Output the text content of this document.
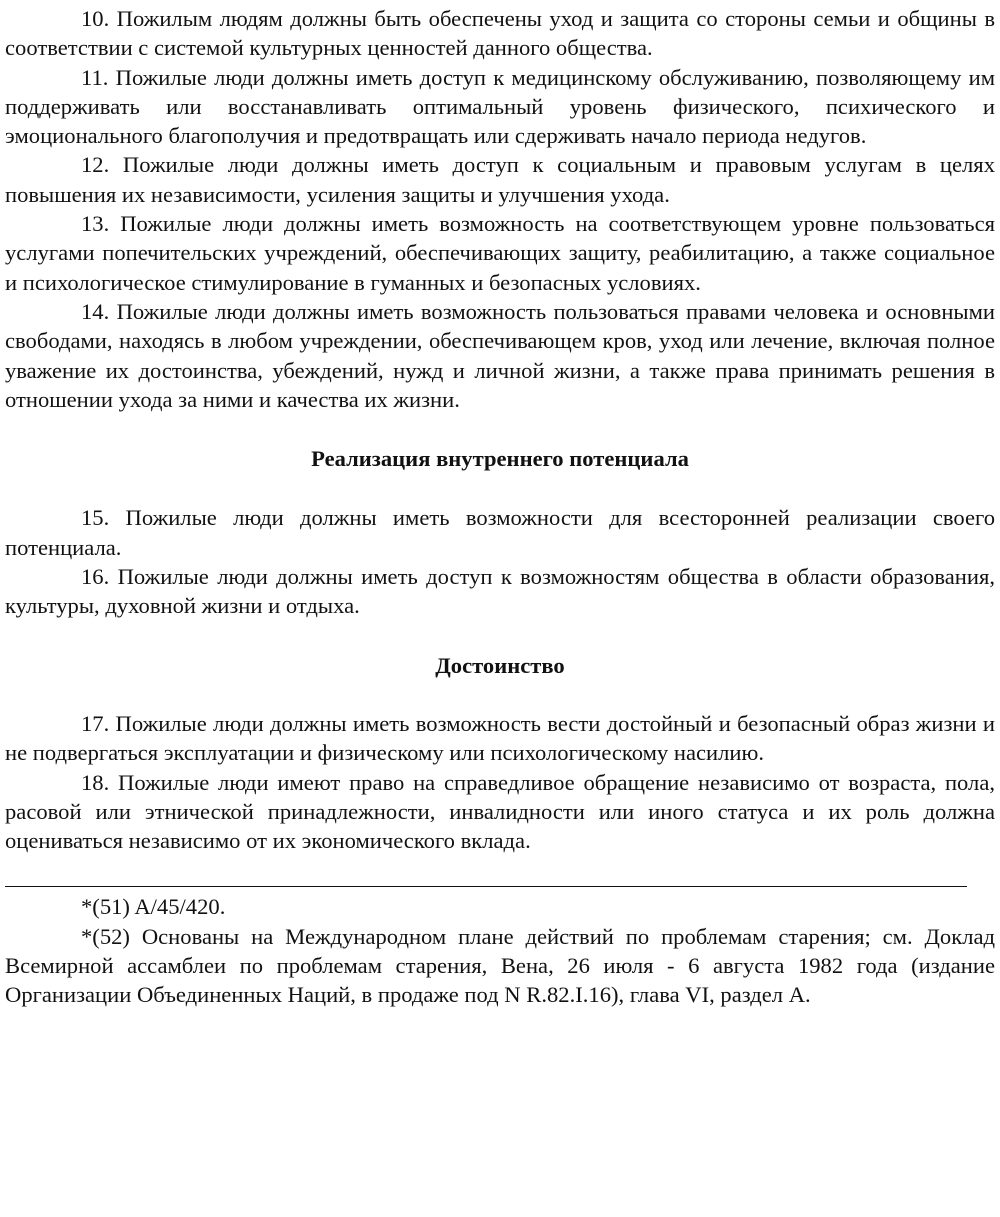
10. Пожилым людям должны быть обеспечены уход и защита со стороны семьи и общины в соответствии с системой культурных ценностей данного общества.

11. Пожилые люди должны иметь доступ к медицинскому обслуживанию, позволяющему им поддерживать или восстанавливать оптимальный уровень физического, психического и эмоционального благополучия и предотвращать или сдерживать начало периода недугов.

12. Пожилые люди должны иметь доступ к социальным и правовым услугам в целях повышения их независимости, усиления защиты и улучшения ухода.

13. Пожилые люди должны иметь возможность на соответствующем уровне пользоваться услугами попечительских учреждений, обеспечивающих защиту, реабилитацию, а также социальное и психологическое стимулирование в гуманных и безопасных условиях.

14. Пожилые люди должны иметь возможность пользоваться правами человека и основными свободами, находясь в любом учреждении, обеспечивающем кров, уход или лечение, включая полное уважение их достоинства, убеждений, нужд и личной жизни, а также права принимать решения в отношении ухода за ними и качества их жизни.

Реализация внутреннего потенциала

15. Пожилые люди должны иметь возможности для всесторонней реализации своего потенциала.

16. Пожилые люди должны иметь доступ к возможностям общества в области образования, культуры, духовной жизни и отдыха.

Достоинство

17. Пожилые люди должны иметь возможность вести достойный и безопасный образ жизни и не подвергаться эксплуатации и физическому или психологическому насилию.

18. Пожилые люди имеют право на справедливое обращение независимо от возраста, пола, расовой или этнической принадлежности, инвалидности или иного статуса и их роль должна оцениваться независимо от их экономического вклада.

*(51) A/45/420.

*(52) Основаны на Международном плане действий по проблемам старения; см. Доклад Всемирной ассамблеи по проблемам старения, Вена, 26 июля - 6 августа 1982 года (издание Организации Объединенных Наций, в продаже под N R.82.I.16), глава VI, раздел А.
